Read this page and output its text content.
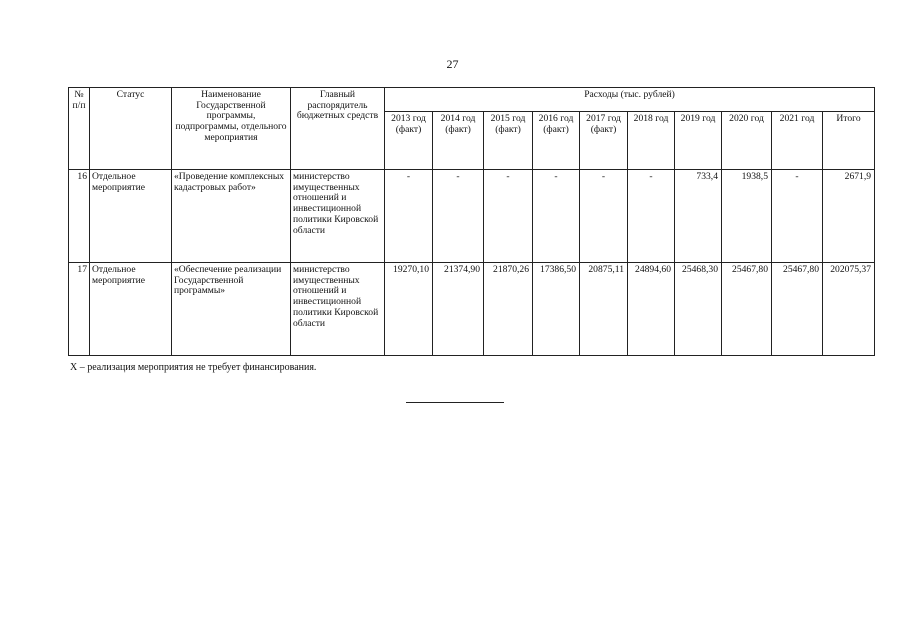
27
№ п/п	Статус	Наименование Государственной программы, подпрограммы, отдельного мероприятия	Главный распорядитель бюджетных средств	Расходы (тыс. рублей)									
				2013 год (факт)	2014 год (факт)	2015 год (факт)	2016 год (факт)	2017 год (факт)	2018 год	2019 год	2020 год	2021 год	Итого
16	Отдельное мероприятие	«Проведение комплексных кадастровых работ»	министерство имущественных отношений и инвестиционной политики Кировской области	-	-	-	-	-	-	733,4	1938,5	-	2671,9
17	Отдельное мероприятие	«Обеспечение реализации Государственной программы»	министерство имущественных отношений и инвестиционной политики Кировской области	19270,10	21374,90	21870,26	17386,50	20875,11	24894,60	25468,30	25467,80	25467,80	202075,37
Х – реализация мероприятия не требует финансирования.
